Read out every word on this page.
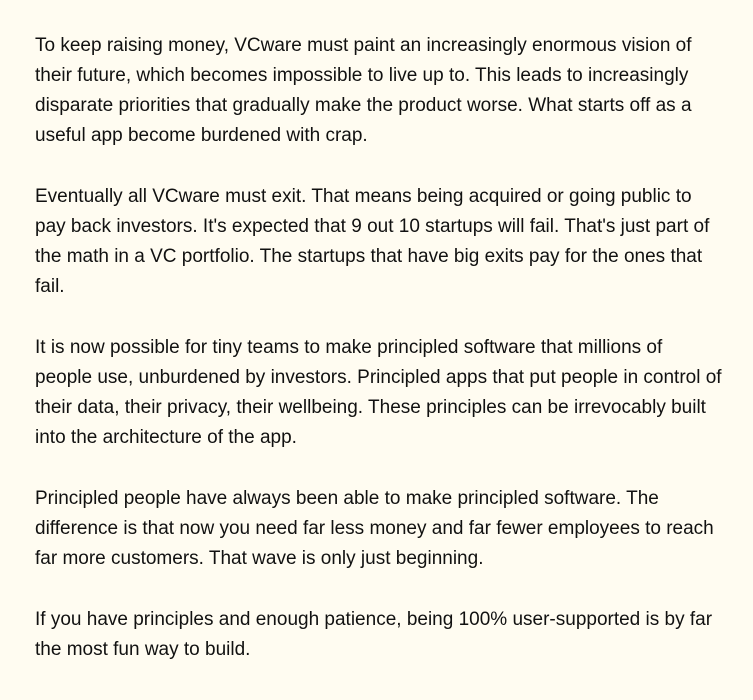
To keep raising money, VCware must paint an increasingly enormous vision of their future, which becomes impossible to live up to. This leads to increasingly disparate priorities that gradually make the product worse. What starts off as a useful app become burdened with crap.

Eventually all VCware must exit. That means being acquired or going public to pay back investors. It's expected that 9 out 10 startups will fail. That's just part of the math in a VC portfolio. The startups that have big exits pay for the ones that fail.

It is now possible for tiny teams to make principled software that millions of people use, unburdened by investors. Principled apps that put people in control of their data, their privacy, their wellbeing. These principles can be irrevocably built into the architecture of the app.

Principled people have always been able to make principled software. The difference is that now you need far less money and far fewer employees to reach far more customers. That wave is only just beginning.

If you have principles and enough patience, being 100% user-supported is by far the most fun way to build.
